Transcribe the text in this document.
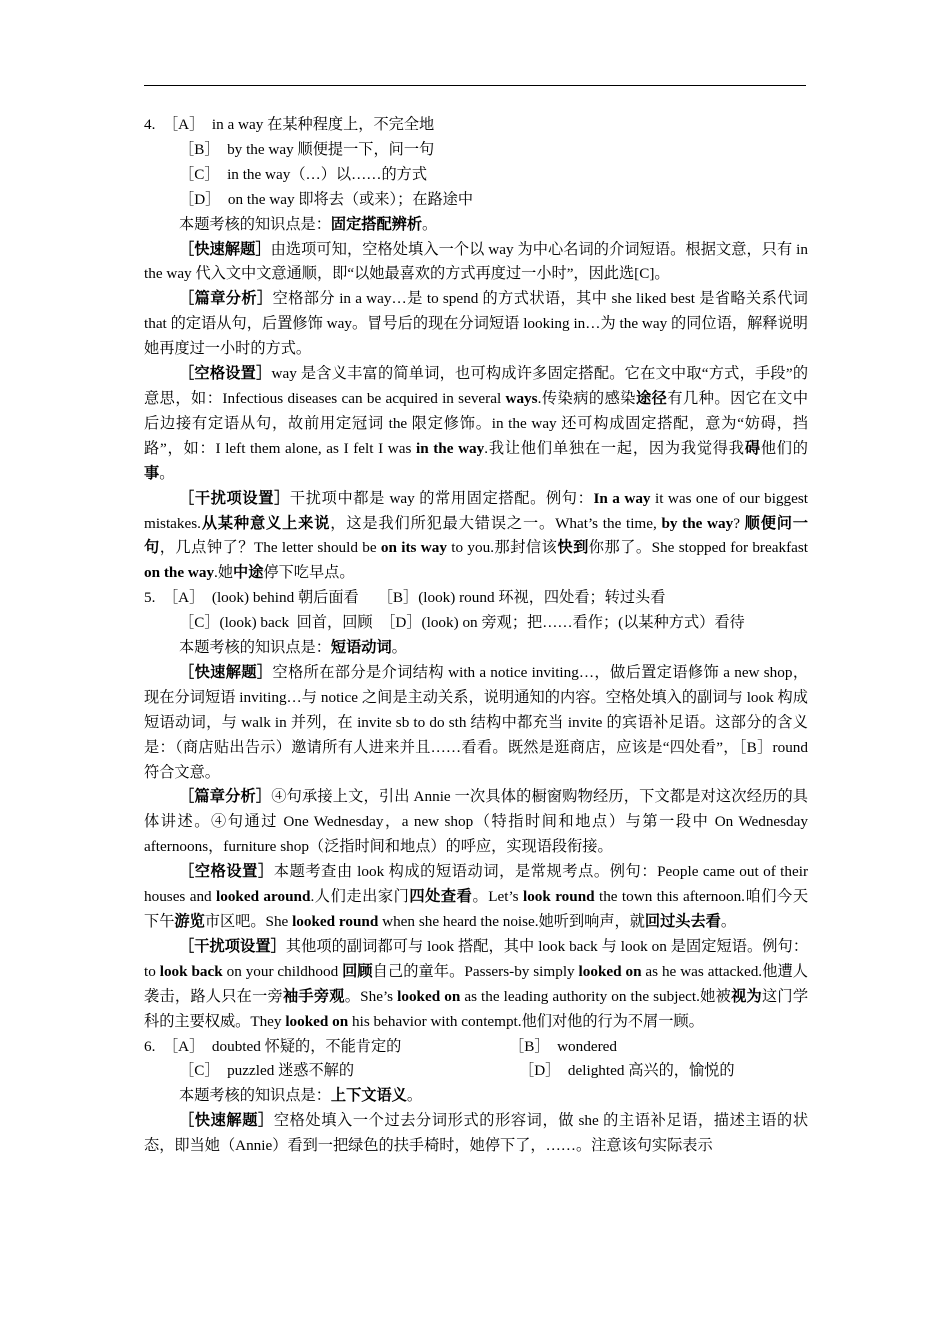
4.　［A］　in a way 在某种程度上，不完全地

［B］　by the way 顺便提一下，问一句

［C］　in the way（…）以……的方式

［D］　on the way 即将去（或来）；在路途中

本题考核的知识点是：固定搭配辨析。

［快速解题］由选项可知，空格处填入一个以 way 为中心名词的介词短语。根据文意，只有 in the way 代入文中文意通顺，即“以她最喜欢的方式再度过一小时”，因此选[C]。

［篇章分析］空格部分 in a way…是 to spend 的方式状语，其中 she liked best 是省略关系代词 that 的定语从句，后置修饰 way。冒号后的现在分词短语 looking in…为 the way 的同位语，解释说明她再度过一小时的方式。

［空格设置］way 是含义丰富的简单词，也可构成许多固定搭配。它在文中取“方式，手段”的意思，如：Infectious diseases can be acquired in several ways.传染病的感染途径有几种。因它在文中后边接有定语从句，故前用定冠词 the 限定修饰。in the way 还可构成固定搭配，意为“妨碍，挡路”，如：I left them alone, as I felt I was in the way.我让他们单独在一起，因为我觉得我碍他们的事。

［干扰项设置］干扰项中都是 way 的常用固定搭配。例句：In a way it was one of our biggest mistakes.从某种意义上来说，这是我们所犯最大错误之一。What’s the time, by the way? 顺便问一句，几点钟了？The letter should be on its way to you.那封信该快到你那了。She stopped for breakfast on the way.她中途停下吃早点。

5.　［A］　(look) behind 朝后面看　 ［B］(look) round 环视，四处看；转过头看

［C］(look) back  回首，回顾　［D］(look) on 旁观；把……看作；(以某种方式）看待

本题考核的知识点是：短语动词。

［快速解题］空格所在部分是介词结构 with a notice inviting…，做后置定语修饰 a new shop，现在分词短语 inviting…与 notice 之间是主动关系，说明通知的内容。空格处填入的副词与 look 构成短语动词，与 walk in 并列，在 invite sb to do sth 结构中都充当 invite 的宾语补足语。这部分的含义是：（商店贴出告示）邀请所有人进来并且……看看。既然是逛商店，应该是“四处看”，［B］round 符合文意。

［篇章分析］④句承接上文，引出 Annie 一次具体的橱窗购物经历，下文都是对这次经历的具体讲述。④句通过 One Wednesday，a new shop（特指时间和地点）与第一段中 On Wednesday afternoons，furniture shop（泛指时间和地点）的呼应，实现语段衔接。

［空格设置］本题考查由 look 构成的短语动词，是常规考点。例句：People came out of their houses and looked around.人们走出家门四处查看。Let’s look round the town this afternoon.咱们今天下午游览市区吧。She looked round when she heard the noise.她听到响声，就回过头去看。

［干扰项设置］其他项的副词都可与 look 搭配，其中 look back 与 look on 是固定短语。例句：to look back on your childhood 回顾自己的童年。Passers-by simply looked on as he was attacked.他遭人袭击，路人只在一旁袖手旁观。She’s looked on as the leading authority on the subject.她被视为这门学科的主要权威。They looked on his behavior with contempt.他们对他的行为不屑一顾。

6.　［A］　doubted 怀疑的，不能肯定的	［B］　wondered
［C］　puzzled 迷惑不解的	［D］　delighted 高兴的，愉悦的

本题考核的知识点是：上下文语义。

［快速解题］空格处填入一个过去分词形式的形容词，做 she 的主语补足语，描述主语的状态，即当她（Annie）看到一把绿色的扶手椅时，她停下了，……。注意该句实际表示
